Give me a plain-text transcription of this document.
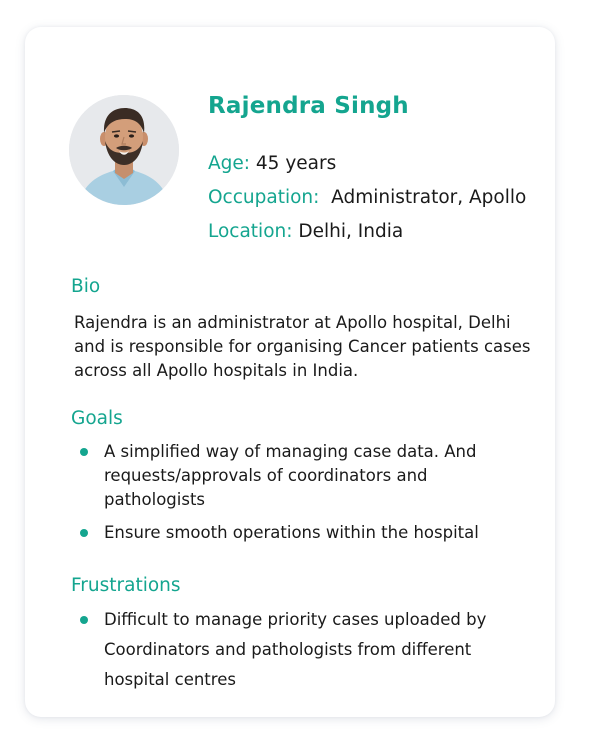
Rajendra Singh
Age: 45 years
Occupation: Administrator, Apollo
Location: Delhi, India
Bio

Rajendra is an administrator at Apollo hospital, Delhi and is responsible for organising Cancer patients cases across all Apollo hospitals in India.

Goals
A simplified way of managing case data. And requests/approvals of coordinators and pathologists
Ensure smooth operations within the hospital
Frustrations
Difficult to manage priority cases uploaded by Coordinators and pathologists from different hospital centres
